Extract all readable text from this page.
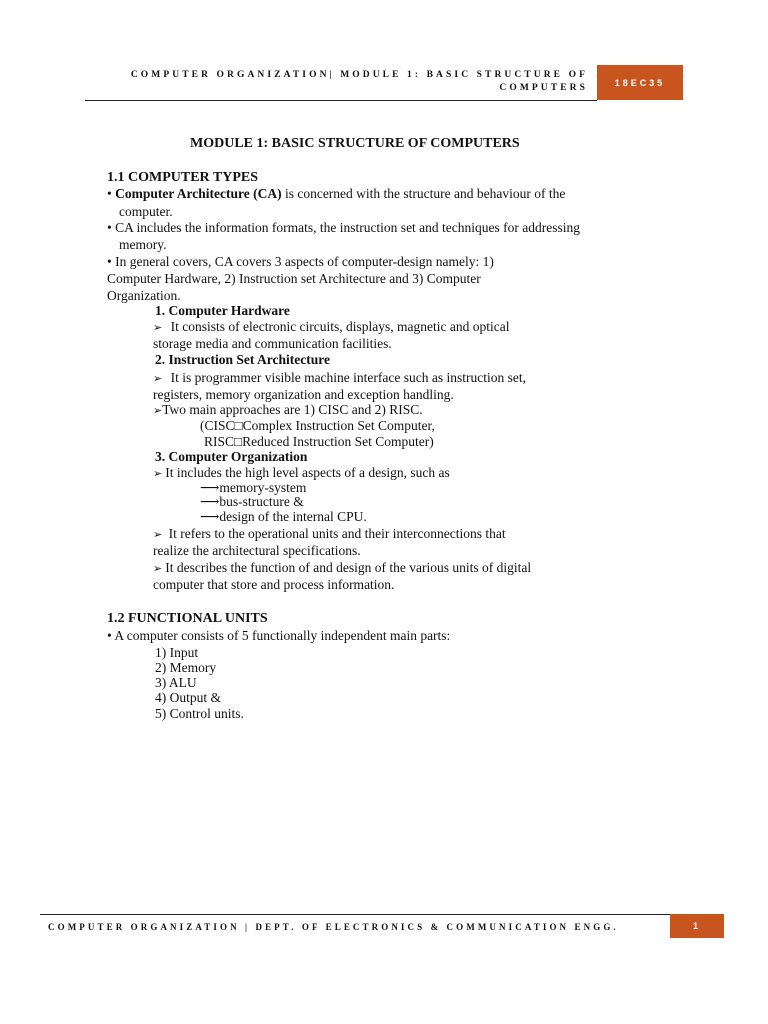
COMPUTER ORGANIZATION| MODULE 1: BASIC STRUCTURE OF
COMPUTERS
18EC35
MODULE 1: BASIC STRUCTURE OF COMPUTERS
1.1 COMPUTER TYPES
• Computer Architecture (CA) is concerned with the structure and behaviour of the
computer.
• CA includes the information formats, the instruction set and techniques for addressing
memory.
• In general covers, CA covers 3 aspects of computer-design namely: 1)
Computer Hardware, 2) Instruction set Architecture and 3) Computer
Organization.
1. Computer Hardware
➢ It consists of electronic circuits, displays, magnetic and optical
storage media and communication facilities.
2. Instruction Set Architecture
➢ It is programmer visible machine interface such as instruction set,
registers, memory organization and exception handling.
➢Two main approaches are 1) CISC and 2) RISC.
(CISC□Complex Instruction Set Computer,
RISC□Reduced Instruction Set Computer)
3. Computer Organization
➢ It includes the high level aspects of a design, such as
⟶memory-system
⟶bus-structure &
⟶design of the internal CPU.
➢ It refers to the operational units and their interconnections that
realize the architectural specifications.
➢ It describes the function of and design of the various units of digital
computer that store and process information.
1.2 FUNCTIONAL UNITS
• A computer consists of 5 functionally independent main parts:
1) Input
2) Memory
3) ALU
4) Output &
5) Control units.
COMPUTER ORGANIZATION | DEPT. OF ELECTRONICS & COMMUNICATION ENGG.	1
